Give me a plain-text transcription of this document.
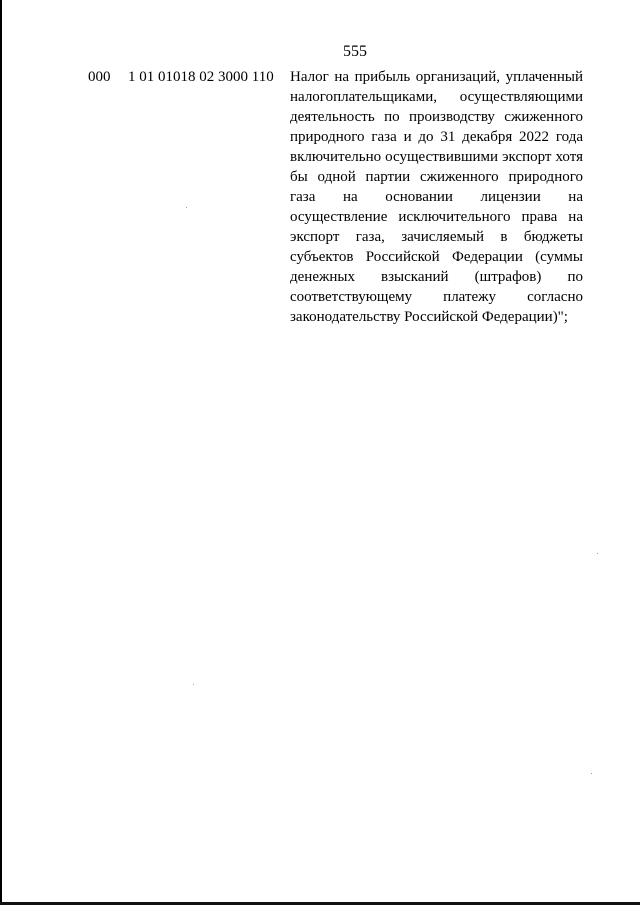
555
000 1 01 01018 02 3000 110 Налог на прибыль организаций, уплаченный налогоплательщиками, осуществляющими деятельность по производству сжиженного природного газа и до 31 декабря 2022 года включительно осуществившими экспорт хотя бы одной партии сжиженного природного газа на основании лицензии на осуществление исключительного права на экспорт газа, зачисляемый в бюджеты субъектов Российской Федерации (суммы денежных взысканий (штрафов) по соответствующему платежу согласно законодательству Российской Федерации)";
